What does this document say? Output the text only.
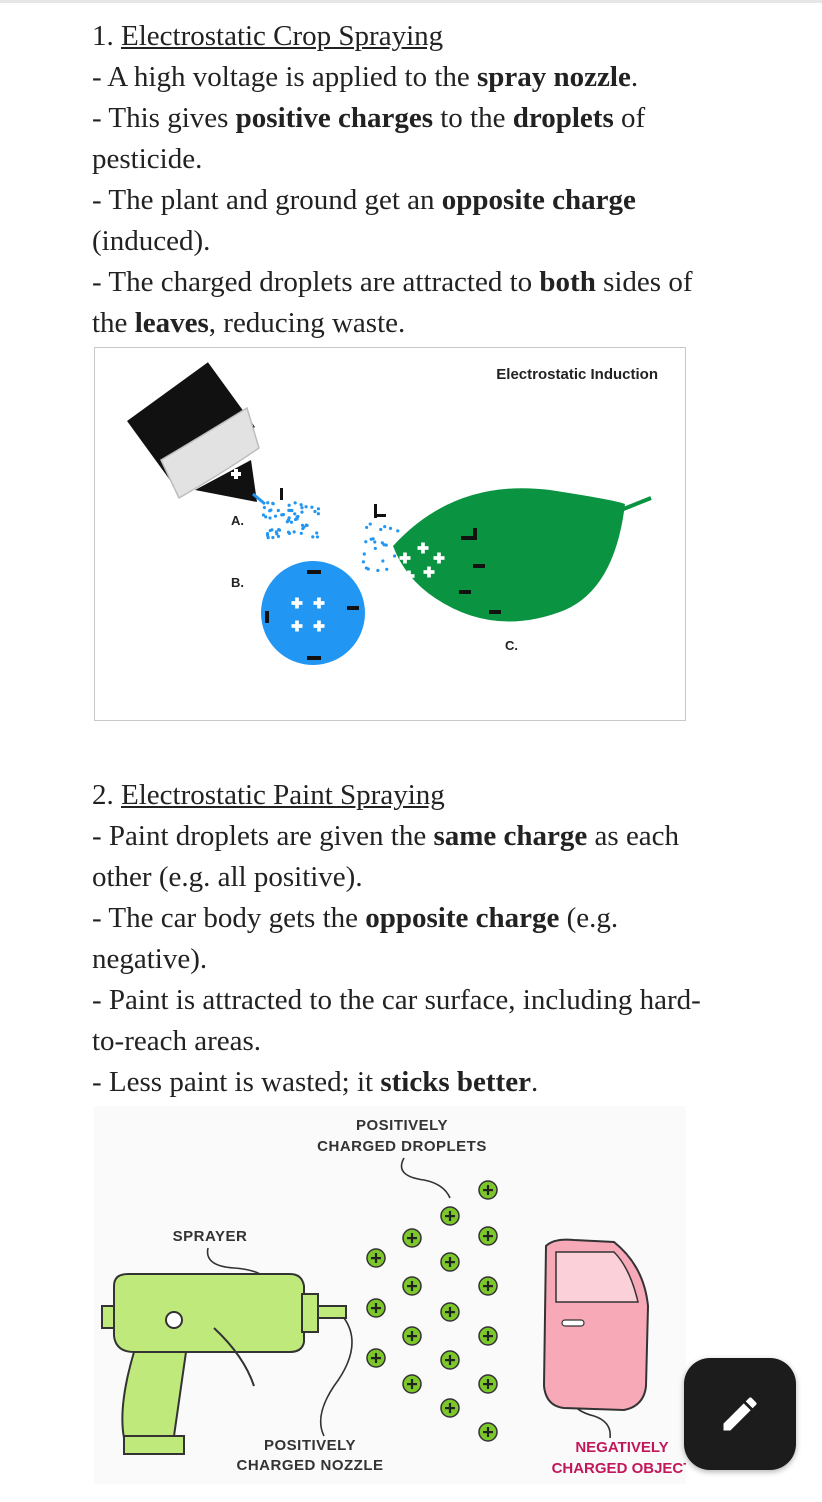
1. Electrostatic Crop Spraying

- A high voltage is applied to the spray nozzle.

- This gives positive charges to the droplets of pesticide.

- The plant and ground get an opposite charge (induced).

- The charged droplets are attracted to both sides of the leaves, reducing waste.

Electrostatic Induction
A.
B.
C.

2. Electrostatic Paint Spraying

- Paint droplets are given the same charge as each other (e.g. all positive).

- The car body gets the opposite charge (e.g. negative).

- Paint is attracted to the car surface, including hard-to-reach areas.

- Less paint is wasted; it sticks better.

POSITIVELY
CHARGED DROPLETS
SPRAYER
POSITIVELY
CHARGED NOZZLE
NEGATIVELY
CHARGED OBJECT
